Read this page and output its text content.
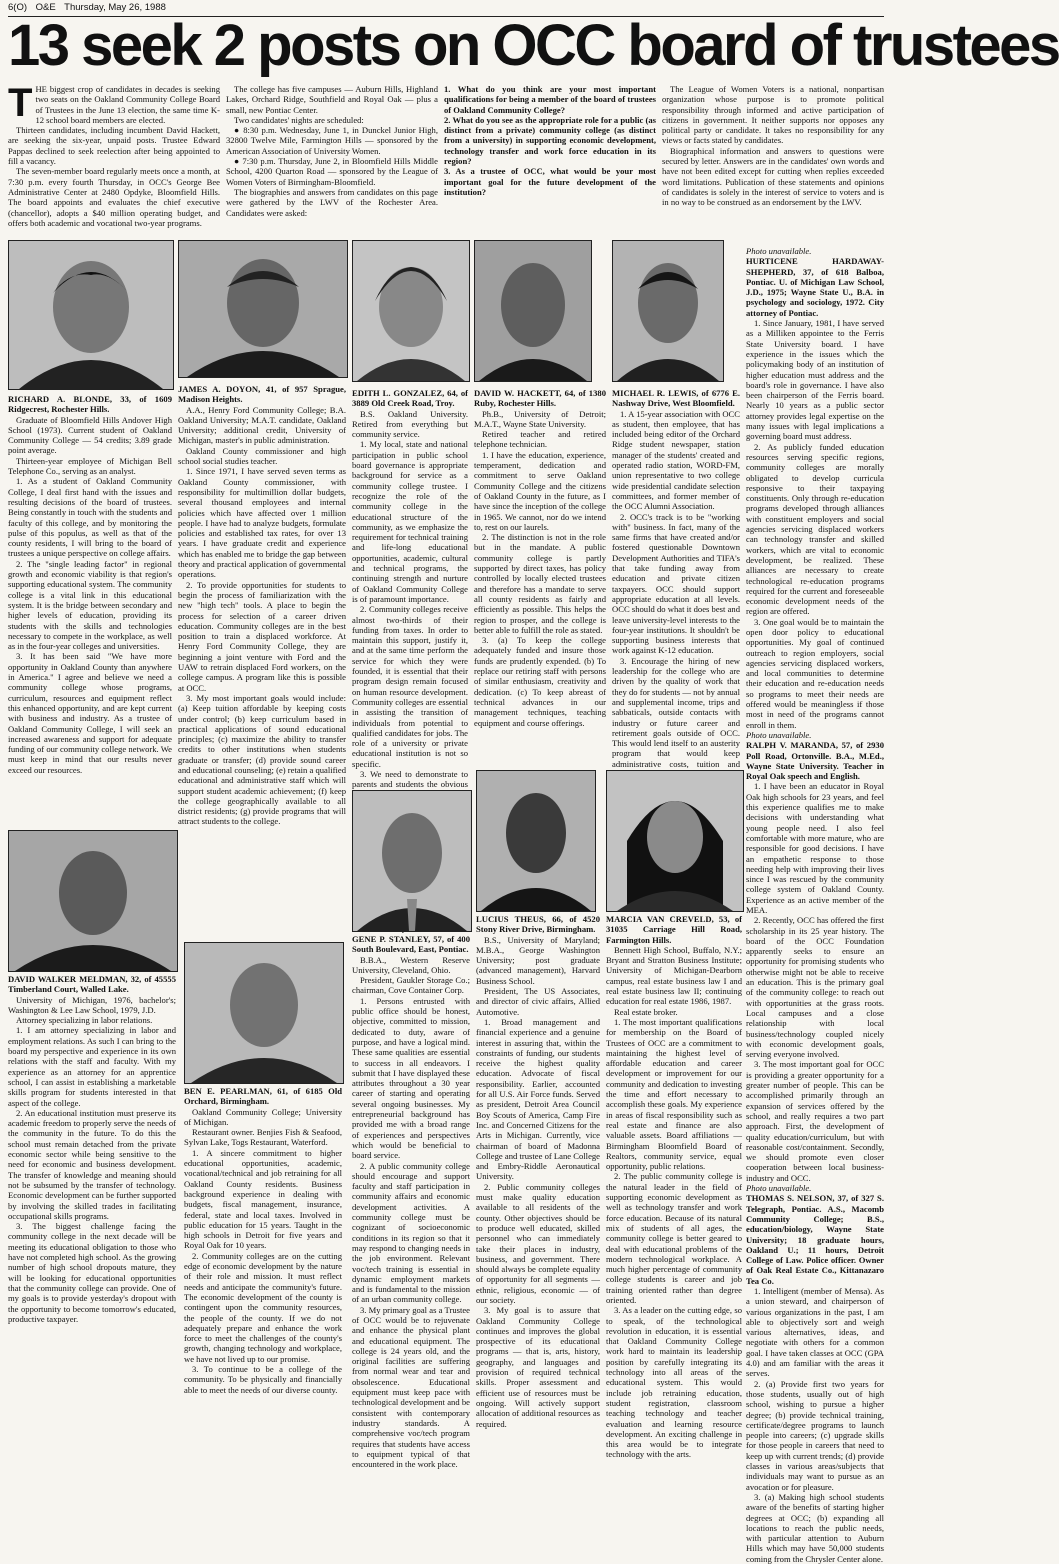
6(O) O&E Thursday, May 26, 1988
13 seek 2 posts on OCC board of trustees

THE biggest crop of candidates in decades is seeking two seats on the Oakland Community College Board of Trustees in the June 13 election, the same time K-12 school board members are elected.

Thirteen candidates, including incumbent David Hackett, are seeking the six-year, unpaid posts. Trustee Edward Pappas declined to seek reelection after being appointed to fill a vacancy.

The seven-member board regularly meets once a month, at 7:30 p.m. every fourth Thursday, in OCC's George Bee Administrative Center at 2480 Opdyke, Bloomfield Hills. The board appoints and evaluates the chief executive (chancellor), adopts a $40 million operating budget, and offers both academic and vocational two-year programs.

The college has five campuses — Auburn Hills, Highland Lakes, Orchard Ridge, Southfield and Royal Oak — plus a small, new Pontiac Center.

Two candidates' nights are scheduled:

● 8:30 p.m. Wednesday, June 1, in Dunckel Junior High, 32800 Twelve Mile, Farmington Hills — sponsored by the American Association of University Women.

● 7:30 p.m. Thursday, June 2, in Bloomfield Hills Middle School, 4200 Quarton Road — sponsored by the League of Women Voters of Birmingham-Bloomfield.

The biographies and answers from candidates on this page were gathered by the LWV of the Rochester Area. Candidates were asked:

1. What do you think are your most important qualifications for being a member of the board of trustees of Oakland Community College?

2. What do you see as the appropriate role for a public (as distinct from a private) community college (as distinct from a university) in supporting economic development, technology transfer and work force education in its region?

3. As a trustee of OCC, what would be your most important goal for the future development of the institution?

The League of Women Voters is a national, nonpartisan organization whose purpose is to promote political responsibility through informed and active participation of citizens in government. It neither supports nor opposes any political party or candidate. It takes no responsibility for any views or facts stated by candidates.

Biographical information and answers to questions were secured by letter. Answers are in the candidates' own words and have not been edited except for cutting when replies exceeded word limitations. Publication of these statements and opinions of candidates is solely in the interest of service to voters and is in no way to be construed as an endorsement by the LWV.

RICHARD A. BLONDE, 33, of 1609 Ridgecrest, Rochester Hills.

Graduate of Bloomfield Hills Andover High School (1973). Current student of Oakland Community College — 54 credits; 3.89 grade point average.

Thirteen-year employee of Michigan Bell Telephone Co., serving as an analyst.

1. As a student of Oakland Community College, I deal first hand with the issues and resulting decisions of the board of trustees. Being constantly in touch with the students and faculty of this college, and by monitoring the pulse of this populus, as well as that of the county residents, I will bring to the board of trustees a unique perspective on college affairs.

2. The "single leading factor" in regional growth and economic viability is that region's supporting educational system. The community college is a vital link in this educational system. It is the bridge between secondary and higher levels of education, providing its students with the skills and technologies necessary to compete in the workplace, as well as in the four-year colleges and universities.

3. It has been said "We have more opportunity in Oakland County than anywhere in America." I agree and believe we need a community college whose programs, curriculum, resources and equipment reflect this enhanced opportunity, and are kept current with business and industry. As a trustee of Oakland Community College, I will seek an increased awareness and support for adequate funding of our community college network. We must keep in mind that our results never exceed our resources.

JAMES A. DOYON, 41, of 957 Sprague, Madison Heights.

A.A., Henry Ford Community College; B.A. Oakland University; M.A.T. candidate, Oakland University; additional credit, University of Michigan, master's in public administration.

Oakland County commissioner and high school social studies teacher.

1. Since 1971, I have served seven terms as Oakland County commissioner, with responsibility for multimillion dollar budgets, several thousand employees and internal policies which have affected over 1 million people. I have had to analyze budgets, formulate policies and established tax rates, for over 13 years. I have graduate credit and experience which has enabled me to bridge the gap between theory and practical application of governmental operations.

2. To provide opportunities for students to begin the process of familiarization with the new "high tech" tools. A place to begin the process for selection of a career driven education. Community colleges are in the best position to train a displaced workforce. At Henry Ford Community College, they are beginning a joint venture with Ford and the UAW to retrain displaced Ford workers, on the college campus. A program like this is possible at OCC.

3. My most important goals would include: (a) Keep tuition affordable by keeping costs under control; (b) keep curriculum based in practical applications of sound educational principles; (c) maximize the ability to transfer credits to other institutions when students graduate or transfer; (d) provide sound career and educational counseling; (e) retain a qualified educational and administrative staff which will support student academic achievement; (f) keep the college geographically available to all district residents; (g) provide programs that will attract students to the college.

EDITH L. GONZALEZ, 64, of 3889 Old Creek Road, Troy.

B.S. Oakland University. Retired from everything but community service.

1. My local, state and national participation in public school board governance is appropriate background for service as a community college trustee. I recognize the role of the community college in the educational structure of the community, as we emphasize the requirement for technical training and life-long educational opportunities, academic, cultural and technical programs, the continuing strength and nurture of Oakland Community College is of paramount importance.

2. Community colleges receive almost two-thirds of their funding from taxes. In order to maintain this support, justify it, and at the same time perform the service for which they were founded, it is essential that their program design remain focused on human resource development. Community colleges are essential in assisting the transition of individuals from potential to qualified candidates for jobs. The role of a university or private educational institution is not so specific.

3. We need to demonstrate to parents and students the obvious

DAVID W. HACKETT, 64, of 1380 Ruby, Rochester Hills.

Ph.B., University of Detroit; M.A.T., Wayne State University.

Retired teacher and retired telephone technician.

1. I have the education, experience, temperament, dedication and commitment to serve Oakland Community College and the citizens of Oakland County in the future, as I have since the inception of the college in 1965. We cannot, nor do we intend to, rest on our laurels.

2. The distinction is not in the role but in the mandate. A public community college is partly supported by direct taxes, has policy controlled by locally elected trustees and therefore has a mandate to serve all county residents as fairly and efficiently as possible. This helps the region to prosper, and the college is better able to fulfill the role as stated.

3. (a) To keep the college adequately funded and insure those funds are prudently expended. (b) To replace our retiring staff with persons of similar enthusiasm, creativity and dedication. (c) To keep abreast of technical advances in our management techniques, teaching equipment and course offerings.

MICHAEL R. LEWIS, of 6776 E. Nashway Drive, West Bloomfield.

1. A 15-year association with OCC as student, then employee, that has included being editor of the Orchard Ridge student newspaper, station manager of the students' created and operated radio station, WORD-FM, union representative to two college wide presidential candidate selection committees, and former member of the OCC Alumni Association.

2. OCC's track is to be "working with" business. In fact, many of the same firms that have created and/or fostered questionable Downtown Development Authorities and TIFA's that take funding away from education and private citizen taxpayers. OCC should support appropriate education at all levels. OCC should do what it does best and leave university-level interests to the four-year institutions. It shouldn't be supporting business interests that work against K-12 education.

3. Encourage the hiring of new leadership for the college who are driven by the quality of work that they do for students — not by annual and supplemental income, trips and sabbaticals, outside contacts with industry or future career and retirement goals outside of OCC. This would lend itself to an austerity program that would keep administrative costs, tuition and

Photo unavailable.

HURTICENE HARDAWAY-SHEPHERD, 37, of 618 Balboa, Pontiac. U. of Michigan Law School, J.D., 1975; Wayne State U., B.A. in psychology and sociology, 1972. City attorney of Pontiac.

1. Since January, 1981, I have served as a Milliken appointee to the Ferris State University board. I have experience in the issues which the policymaking body of an institution of higher education must address and the board's role in governance. I have also been chairperson of the Ferris board. Nearly 10 years as a public sector attorney provides legal expertise on the many issues with legal implications a governing board must address.

2. As publicly funded education resources serving specific regions, community colleges are morally obligated to develop curricula responsive to their taxpaying constituents. Only through re-education programs developed through alliances with constituent employers and social agencies servicing displaced workers can technology transfer and skilled workers, which are vital to economic development, be realized. These alliances are necessary to create technological re-education programs required for the current and foreseeable economic development needs of the region are offered.

3. One goal would be to maintain the open door policy to educational opportunities. My goal of continued outreach to region employers, social agencies servicing displaced workers, and local communities to determine their education and re-education needs so programs to meet their needs are offered would be meaningless if those most in need of the programs cannot enroll in them.

Photo unavailable.

RALPH V. MARANDA, 57, of 2930 Poll Road, Ortonville. B.A., M.Ed., Wayne State University. Teacher in Royal Oak speech and English.

1. I have been an educator in Royal Oak high schools for 23 years, and feel this experience qualifies me to make decisions with understanding what young people need. I also feel comfortable with more mature, who are responsible for good decisions. I have an empathetic response to those needing help with improving their lives since I was rescued by the community college system of Oakland County. Experience as an active member of the MEA.

2. Recently, OCC has offered the first scholarship in its 25 year history. The board of the OCC Foundation apparently seeks to ensure an opportunity for promising students who otherwise might not be able to receive an education. This is the primary goal of the community college: to reach out with opportunities at the grass roots. Local campuses and a close relationship with local business/technology coupled nicely with economic development goals, serving everyone involved.

3. The most important goal for OCC is providing a greater opportunity for a greater number of people. This can be accomplished primarily through an expansion of services offered by the school, and really requires a two part approach. First, the development of quality education/curriculum, but with reasonable cost/containment. Secondly, we should promote even closer cooperation between local business-industry and OCC.

Photo unavailable.

THOMAS S. NELSON, 37, of 327 S. Telegraph, Pontiac. A.S., Macomb Community College; B.S., education/biology, Wayne State University; 18 graduate hours, Oakland U.; 11 hours, Detroit College of Law. Police officer. Owner of Oak Real Estate Co., Kittanazaro Tea Co.

1. Intelligent (member of Mensa). As a union steward, and chairperson of various organizations in the past, I am able to objectively sort and weigh various alternatives, ideas, and negotiate with others for a common goal. I have taken classes at OCC (GPA 4.0) and am familiar with the areas it serves.

2. (a) Provide first two years for those students, usually out of high school, wishing to pursue a higher degree; (b) provide technical training, certificate/degree programs to launch people into careers; (c) upgrade skills for those people in careers that need to keep up with current trends; (d) provide classes in various areas/subjects that individuals may want to pursue as an avocation or for pleasure.

3. (a) Making high school students aware of the benefits of starting higher degrees at OCC; (b) expanding all locations to reach the public needs, with particular attention to Auburn Hills which may have 50,000 students coming from the Chrysler Center alone.

DAVID WALKER MELDMAN, 32, of 45555 Timberland Court, Walled Lake.

University of Michigan, 1976, bachelor's; Washington & Lee Law School, 1979, J.D.

Attorney specializing in labor relations.

1. I am attorney specializing in labor and employment relations. As such I can bring to the board my perspective and experience in its own relations with the staff and faculty. With my experience as an attorney for an apprentice school, I can assist in establishing a marketable skills program for students interested in that aspect of the college.

2. An educational institution must preserve its academic freedom to properly serve the needs of the community in the future. To do this the school must remain detached from the private economic sector while being sensitive to the need for economic and business development. The transfer of knowledge and meaning should not be subsumed by the transfer of technology. Economic development can be further supported by involving the skilled trades in facilitating occupational skills programs.

3. The biggest challenge facing the community college in the next decade will be meeting its educational obligation to those who have not completed high school. As the growing number of high school dropouts mature, they will be looking for educational opportunities that the community college can provide. One of my goals is to provide yesterday's dropout with the opportunity to become tomorrow's educated, productive taxpayer.

BEN E. PEARLMAN, 61, of 6185 Old Orchard, Birmingham.

Oakland Community College; University of Michigan.

Restaurant owner. Benjies Fish & Seafood, Sylvan Lake, Togs Restaurant, Waterford.

1. A sincere commitment to higher educational opportunities, academic, vocational/technical and job retraining for all Oakland County residents. Business background experience in dealing with budgets, fiscal management, insurance, federal, state and local taxes. Involved in public education for 15 years. Taught in the high schools in Detroit for five years and Royal Oak for 10 years.

2. Community colleges are on the cutting edge of economic development by the nature of their role and mission. It must reflect needs and anticipate the community's future. The economic development of the county is contingent upon the community resources, the people of the county. If we do not adequately prepare and enhance the work force to meet the challenges of the county's growth, changing technology and workplace, we have not lived up to our promise.

3. To continue to be a college of the community. To be physically and financially able to meet the needs of our diverse county.

GENE P. STANLEY, 57, of 400 South Boulevard, East, Pontiac.

B.B.A., Western Reserve University, Cleveland, Ohio.

President, Gaukler Storage Co.; chairman, Cove Container Corp.

1. Persons entrusted with public office should be honest, objective, committed to mission, dedicated to duty, aware of purpose, and have a logical mind. These same qualities are essential to success in all endeavors. I submit that I have displayed these attributes throughout a 30 year career of starting and operating several ongoing businesses. My entrepreneurial background has provided me with a broad range of experiences and perspectives which would be beneficial to board service.

2. A public community college should encourage and support faculty and staff participation in community affairs and economic development activities. A community college must be cognizant of socioeconomic conditions in its region so that it may respond to changing needs in the job environment. Relevant voc/tech training is essential in dynamic employment markets and is fundamental to the mission of an urban community college.

3. My primary goal as a Trustee of OCC would be to rejuvenate and enhance the physical plant and educational equipment. The college is 24 years old, and the original facilities are suffering from normal wear and tear and obsolescence. Educational equipment must keep pace with technological development and be consistent with contemporary industry standards. A comprehensive voc/tech program requires that students have access to equipment typical of that encountered in the work place.

LUCIUS THEUS, 66, of 4520 Stony River Drive, Birmingham.

B.S., University of Maryland; M.B.A., George Washington University; post graduate (advanced management), Harvard Business School.

President, The US Associates, and director of civic affairs, Allied Automotive.

1. Broad management and financial experience and a genuine interest in assuring that, within the constraints of funding, our students receive the highest quality education. Advocate of fiscal responsibility. Earlier, accounted for all U.S. Air Force funds. Served as president, Detroit Area Council Boy Scouts of America, Camp Fire Inc. and Concerned Citizens for the Arts in Michigan. Currently, vice chairman of board of Madonna College and trustee of Lane College and Embry-Riddle Aeronautical University.

2. Public community colleges must make quality education available to all residents of the county. Other objectives should be to produce well educated, skilled personnel who can immediately take their places in industry, business, and government. There should always be complete equality of opportunity for all segments — ethnic, religious, economic — of our society.

3. My goal is to assure that Oakland Community College continues and improves the global prospective of its educational programs — that is, arts, history, geography, and languages and provision of required technical skills. Proper assessment and efficient use of resources must be ongoing. Will actively support allocation of additional resources as required.

MARCIA VAN CREVELD, 53, of 31035 Carriage Hill Road, Farmington Hills.

Bennett High School, Buffalo, N.Y.; Bryant and Stratton Business Institute; University of Michigan-Dearborn campus, real estate business law I and real estate business law II; continuing education for real estate 1986, 1987.

Real estate broker.

1. The most important qualifications for membership on the Board of Trustees of OCC are a commitment to maintaining the highest level of affordable education and career development or improvement for our community and dedication to investing the time and effort necessary to accomplish these goals. My experience in areas of fiscal responsibility such as real estate and finance are also valuable assets. Board affiliations — Birmingham Bloomfield Board of Realtors, community service, equal opportunity, public relations.

2. The public community college is the natural leader in the field of supporting economic development as well as technology transfer and work force education. Because of its natural mix of students of all ages, the community college is better geared to deal with educational problems of the modern technological workplace. A much higher percentage of community college students is career and job training oriented rather than degree oriented.

3. As a leader on the cutting edge, so to speak, of the technological revolution in education, it is essential that Oakland Community College work hard to maintain its leadership position by carefully integrating its technology into all areas of the educational system. This would include job retraining education, student registration, classroom teaching technology and teacher evaluation and learning resource development. An exciting challenge in this area would be to integrate technology with the arts.
